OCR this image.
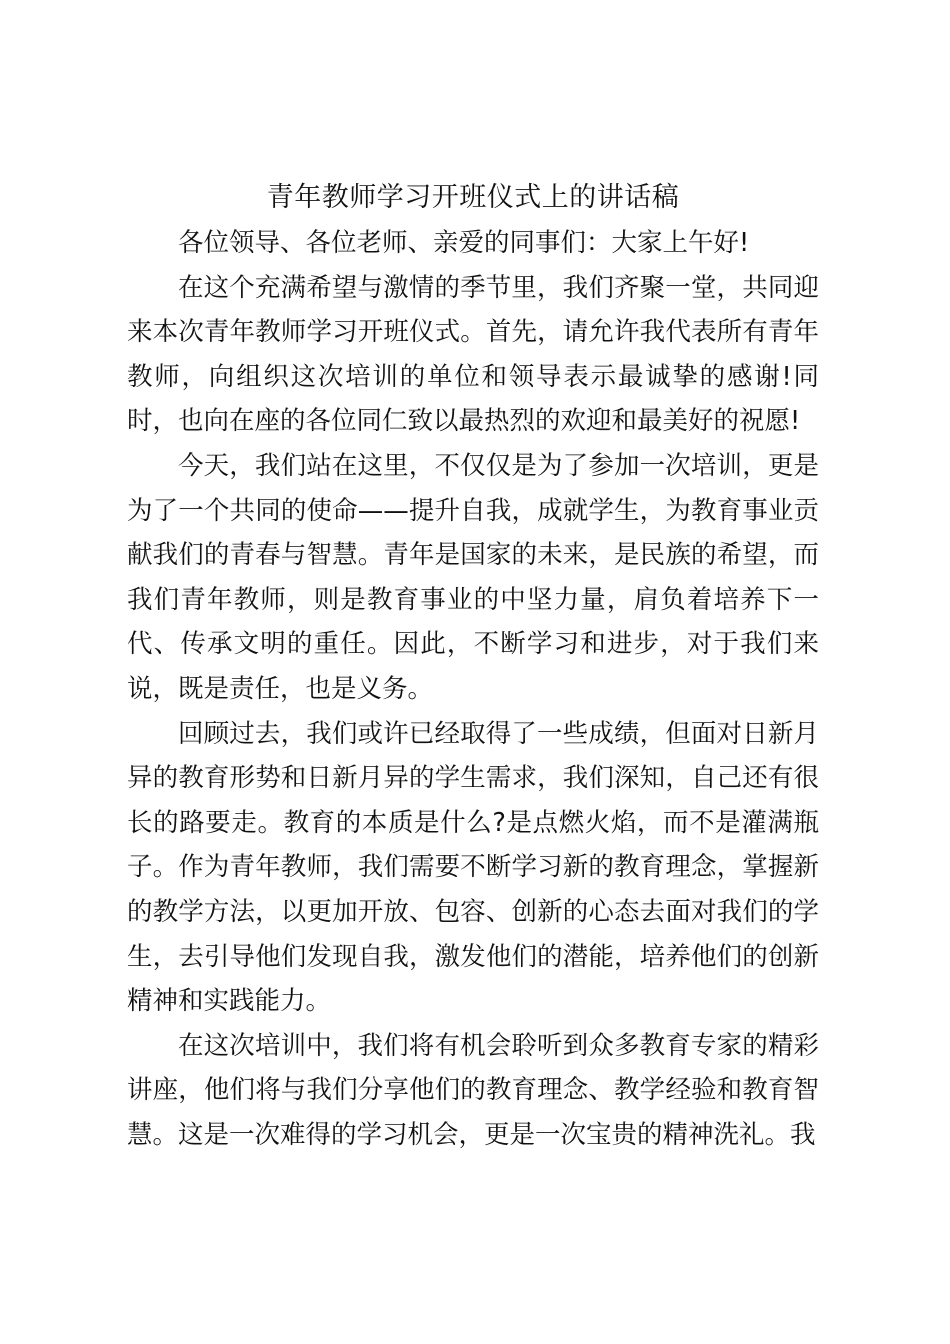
青年教师学习开班仪式上的讲话稿

各位领导、各位老师、亲爱的同事们：大家上午好!

在这个充满希望与激情的季节里，我们齐聚一堂，共同迎来本次青年教师学习开班仪式。首先，请允许我代表所有青年教师，向组织这次培训的单位和领导表示最诚挚的感谢!同时，也向在座的各位同仁致以最热烈的欢迎和最美好的祝愿!

今天，我们站在这里，不仅仅是为了参加一次培训，更是为了一个共同的使命——提升自我，成就学生，为教育事业贡献我们的青春与智慧。青年是国家的未来，是民族的希望，而我们青年教师，则是教育事业的中坚力量，肩负着培养下一代、传承文明的重任。因此，不断学习和进步，对于我们来说，既是责任，也是义务。

回顾过去，我们或许已经取得了一些成绩，但面对日新月异的教育形势和日新月异的学生需求，我们深知，自己还有很长的路要走。教育的本质是什么?是点燃火焰，而不是灌满瓶子。作为青年教师，我们需要不断学习新的教育理念，掌握新的教学方法，以更加开放、包容、创新的心态去面对我们的学生，去引导他们发现自我，激发他们的潜能，培养他们的创新精神和实践能力。

在这次培训中，我们将有机会聆听到众多教育专家的精彩讲座，他们将与我们分享他们的教育理念、教学经验和教育智慧。这是一次难得的学习机会，更是一次宝贵的精神洗礼。我
